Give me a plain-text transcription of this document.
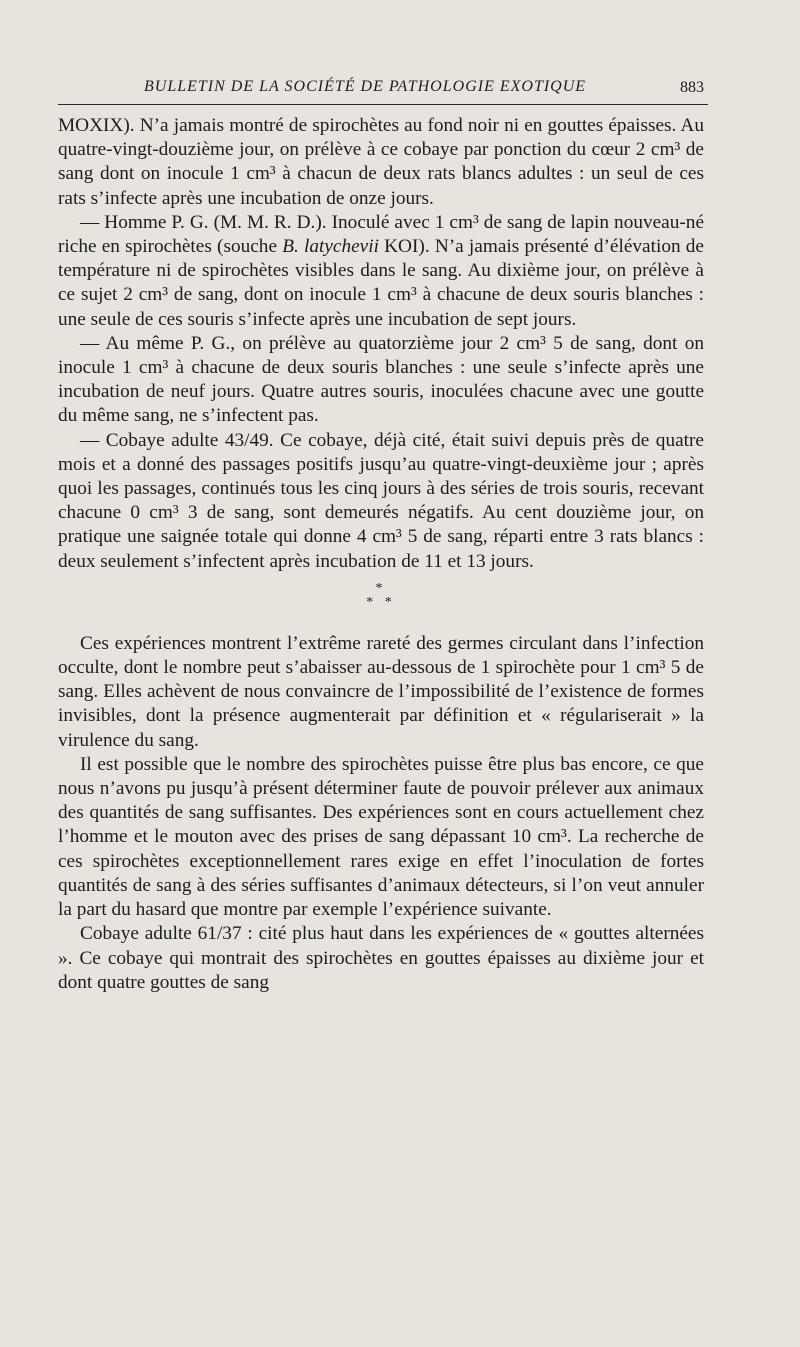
BULLETIN DE LA SOCIÉTÉ DE PATHOLOGIE EXOTIQUE	883

MOXIX). N’a jamais montré de spirochètes au fond noir ni en gouttes épaisses. Au quatre-vingt-douzième jour, on prélève à ce cobaye par ponction du cœur 2 cm³ de sang dont on inocule 1 cm³ à chacun de deux rats blancs adultes : un seul de ces rats s’infecte après une incubation de onze jours.

— Homme P. G. (M. M. R. D.). Inoculé avec 1 cm³ de sang de lapin nouveau-né riche en spirochètes (souche B. latychevii KOI). N’a jamais présenté d’élévation de température ni de spirochètes visibles dans le sang. Au dixième jour, on prélève à ce sujet 2 cm³ de sang, dont on inocule 1 cm³ à chacune de deux souris blanches : une seule de ces souris s’infecte après une incubation de sept jours.

— Au même P. G., on prélève au quatorzième jour 2 cm³ 5 de sang, dont on inocule 1 cm³ à chacune de deux souris blanches : une seule s’infecte après une incubation de neuf jours. Quatre autres souris, inoculées chacune avec une goutte du même sang, ne s’infectent pas.

— Cobaye adulte 43/49. Ce cobaye, déjà cité, était suivi depuis près de quatre mois et a donné des passages positifs jusqu’au quatre-vingt-deuxième jour ; après quoi les passages, continués tous les cinq jours à des séries de trois souris, recevant chacune 0 cm³ 3 de sang, sont demeurés négatifs. Au cent douzième jour, on pratique une saignée totale qui donne 4 cm³ 5 de sang, réparti entre 3 rats blancs : deux seulement s’infectent après incubation de 11 et 13 jours.

*
* *

Ces expériences montrent l’extrême rareté des germes circulant dans l’infection occulte, dont le nombre peut s’abaisser au-dessous de 1 spirochète pour 1 cm³ 5 de sang. Elles achèvent de nous convaincre de l’impossibilité de l’existence de formes invisibles, dont la présence augmenterait par définition et « régulariserait » la virulence du sang.

Il est possible que le nombre des spirochètes puisse être plus bas encore, ce que nous n’avons pu jusqu’à présent déterminer faute de pouvoir prélever aux animaux des quantités de sang suffisantes. Des expériences sont en cours actuellement chez l’homme et le mouton avec des prises de sang dépassant 10 cm³. La recherche de ces spirochètes exceptionnellement rares exige en effet l’inoculation de fortes quantités de sang à des séries suffisantes d’animaux détecteurs, si l’on veut annuler la part du hasard que montre par exemple l’expérience suivante.

Cobaye adulte 61/37 : cité plus haut dans les expériences de « gouttes alternées ». Ce cobaye qui montrait des spirochètes en gouttes épaisses au dixième jour et dont quatre gouttes de sang
